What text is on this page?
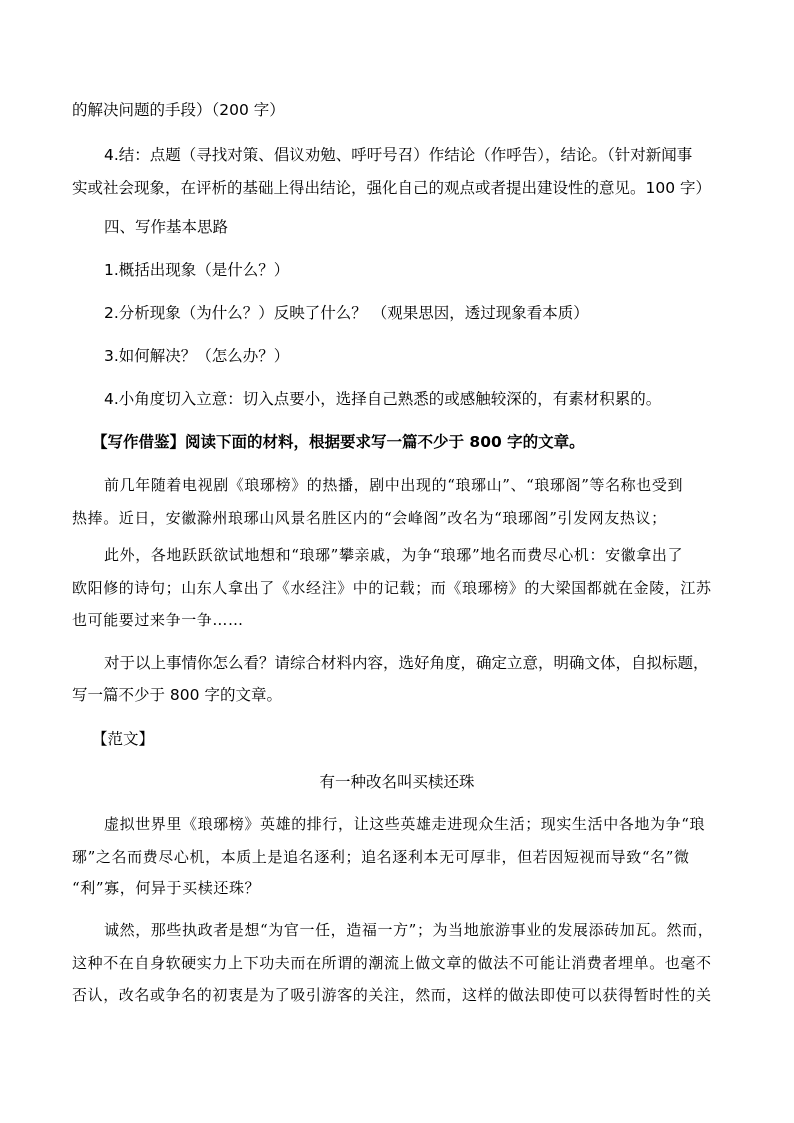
的解决问题的手段）（200 字）
4.结：点题（寻找对策、倡议劝勉、呼吁号召）作结论（作呼告），结论。（针对新闻事
实或社会现象，在评析的基础上得出结论，强化自己的观点或者提出建设性的意见。100 字）
四、写作基本思路
1.概括出现象（是什么？）
2.分析现象（为什么？）反映了什么？ （观果思因，透过现象看本质）
3.如何解决？（怎么办？）
4.小角度切入立意：切入点要小，选择自己熟悉的或感触较深的，有素材积累的。
【写作借鉴】阅读下面的材料，根据要求写一篇不少于 800 字的文章。
前几年随着电视剧《琅琊榜》的热播，剧中出现的“琅琊山”、“琅琊阁”等名称也受到
热捧。近日，安徽滁州琅琊山风景名胜区内的“会峰阁”改名为“琅琊阁”引发网友热议；
此外，各地跃跃欲试地想和“琅琊”攀亲戚，为争“琅琊”地名而费尽心机：安徽拿出了
欧阳修的诗句；山东人拿出了《水经注》中的记载；而《琅琊榜》的大梁国都就在金陵，江苏
也可能要过来争一争……
对于以上事情你怎么看？请综合材料内容，选好角度，确定立意，明确文体，自拟标题，
写一篇不少于 800 字的文章。
【范文】
有一种改名叫买椟还珠
虚拟世界里《琅琊榜》英雄的排行，让这些英雄走进现众生活；现实生活中各地为争“琅
琊”之名而费尽心机，本质上是追名逐利；追名逐利本无可厚非，但若因短视而导致“名”微
“利”寡，何异于买椟还珠？
诚然，那些执政者是想“为官一任，造福一方”；为当地旅游事业的发展添砖加瓦。然而，
这种不在自身软硬实力上下功夫而在所谓的潮流上做文章的做法不可能让消费者埋单。也毫不
否认，改名或争名的初衷是为了吸引游客的关注，然而，这样的做法即使可以获得暂时性的关
